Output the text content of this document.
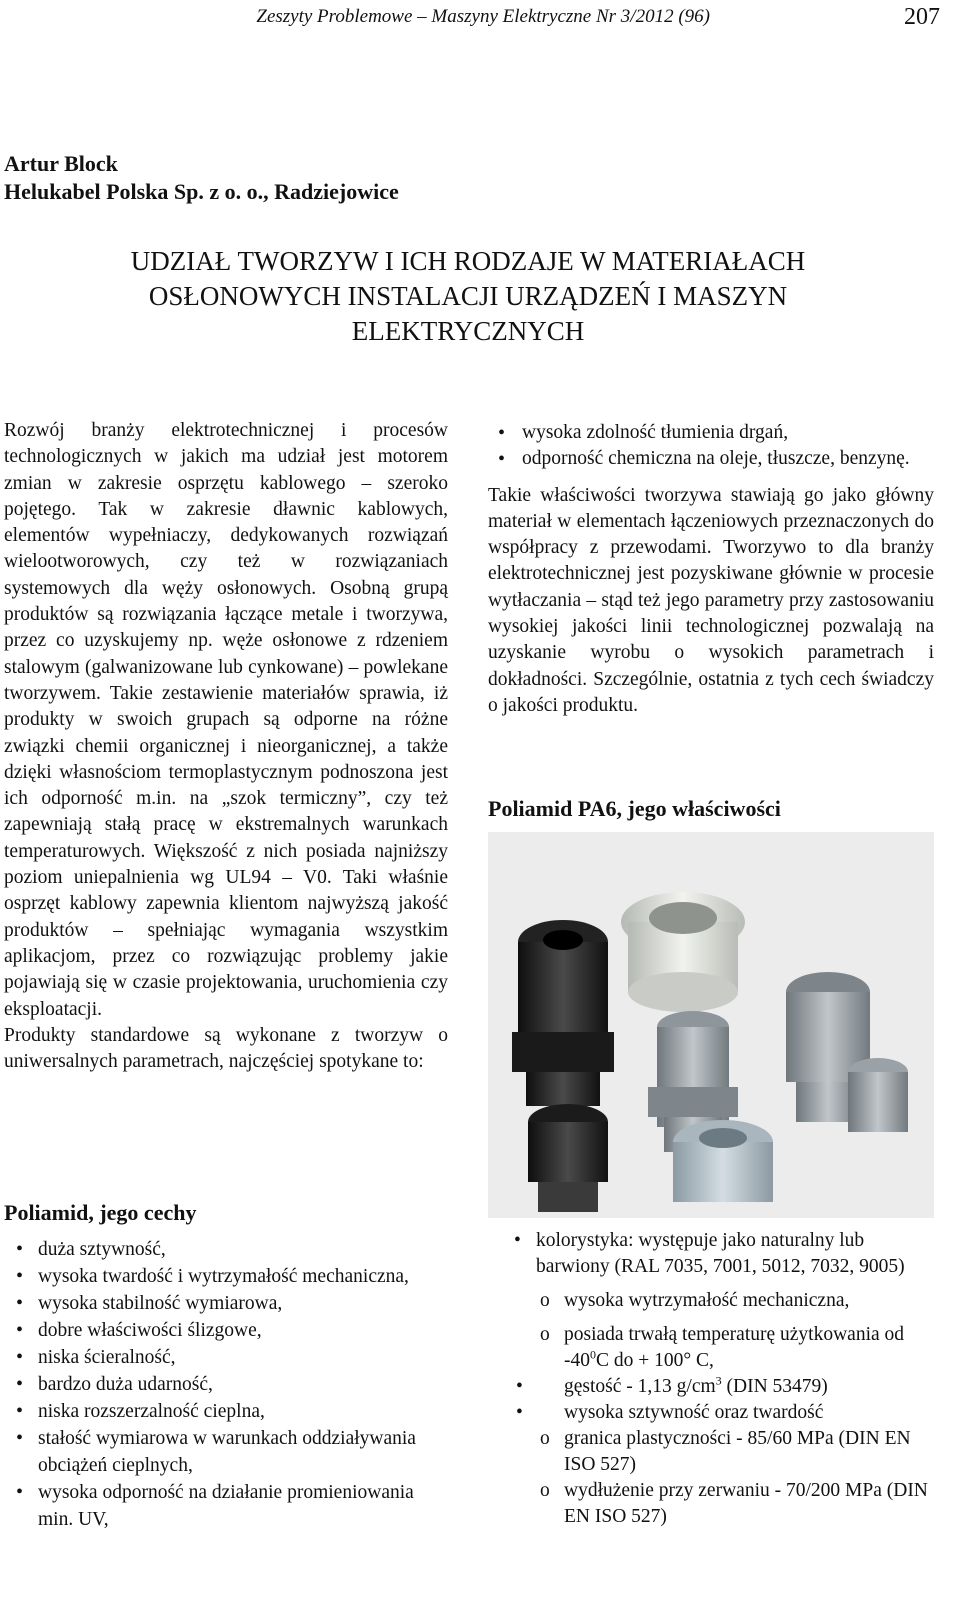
Zeszyty Problemowe – Maszyny Elektryczne Nr 3/2012 (96)	207
Artur Block
Helukabel Polska Sp. z o. o., Radziejowice
UDZIAŁ TWORZYW I ICH RODZAJE W MATERIAŁACH
OSŁONOWYCH INSTALACJI URZĄDZEŃ I MASZYN
ELEKTRYCZNYCH

Rozwój branży elektrotechnicznej i procesów technologicznych w jakich ma udział jest motorem zmian w zakresie osprzętu kablowego – szeroko pojętego. Tak w zakresie dławnic kablowych, elementów wypełniaczy, dedykowanych rozwiązań wielootworowych, czy też w rozwiązaniach systemowych dla węży osłonowych. Osobną grupą produktów są rozwiązania łączące metale i tworzywa, przez co uzyskujemy np. węże osłonowe z rdzeniem stalowym (galwanizowane lub cynkowane) – powlekane tworzywem. Takie zestawienie materiałów sprawia, iż produkty w swoich grupach są odporne na różne związki chemii organicznej i nieorganicznej, a także dzięki własnościom termoplastycznym podnoszona jest ich odporność m.in. na „szok termiczny”, czy też zapewniają stałą pracę w ekstremalnych warunkach temperaturowych. Większość z nich posiada najniższy poziom uniepalnienia wg UL94 – V0. Taki właśnie osprzęt kablowy zapewnia klientom najwyższą jakość produktów – spełniając wymagania wszystkim aplikacjom, przez co rozwiązując problemy jakie pojawiają się w czasie projektowania, uruchomienia czy eksploatacji.

Produkty standardowe są wykonane z tworzyw o uniwersalnych parametrach, najczęściej spotykane to:

Poliamid, jego cechy
• duża sztywność,
• wysoka twardość i wytrzymałość mechaniczna,
• wysoka stabilność wymiarowa,
• dobre właściwości ślizgowe,
• niska ścieralność,
• bardzo duża udarność,
• niska rozszerzalność cieplna,
• stałość wymiarowa w warunkach oddziaływania obciążeń cieplnych,
• wysoka odporność na działanie promieniowania min. UV,
• wysoka zdolność tłumienia drgań,
• odporność chemiczna na oleje, tłuszcze, benzynę.

Takie właściwości tworzywa stawiają go jako główny materiał w elementach łączeniowych przeznaczonych do współpracy z przewodami. Tworzywo to dla branży elektrotechnicznej jest pozyskiwane głównie w procesie wytłaczania – stąd też jego parametry przy zastosowaniu wysokiej jakości linii technologicznej pozwalają na uzyskanie wyrobu o wysokich parametrach i dokładności. Szczególnie, ostatnia z tych cech świadczy o jakości produktu.

Poliamid PA6, jego właściwości
• kolorystyka: występuje jako naturalny lub barwiony (RAL 7035, 7001, 5012, 7032, 9005)
o wysoka wytrzymałość mechaniczna,
o posiada trwałą temperaturę użytkowania od $-40^0C$ do + 100° C,
• gęstość - 1,13 $g/cm^3$ (DIN 53479)
• wysoka sztywność oraz twardość
o granica plastyczności - 85/60 MPa (DIN EN ISO 527)
o wydłużenie przy zerwaniu - 70/200 MPa (DIN EN ISO 527)
